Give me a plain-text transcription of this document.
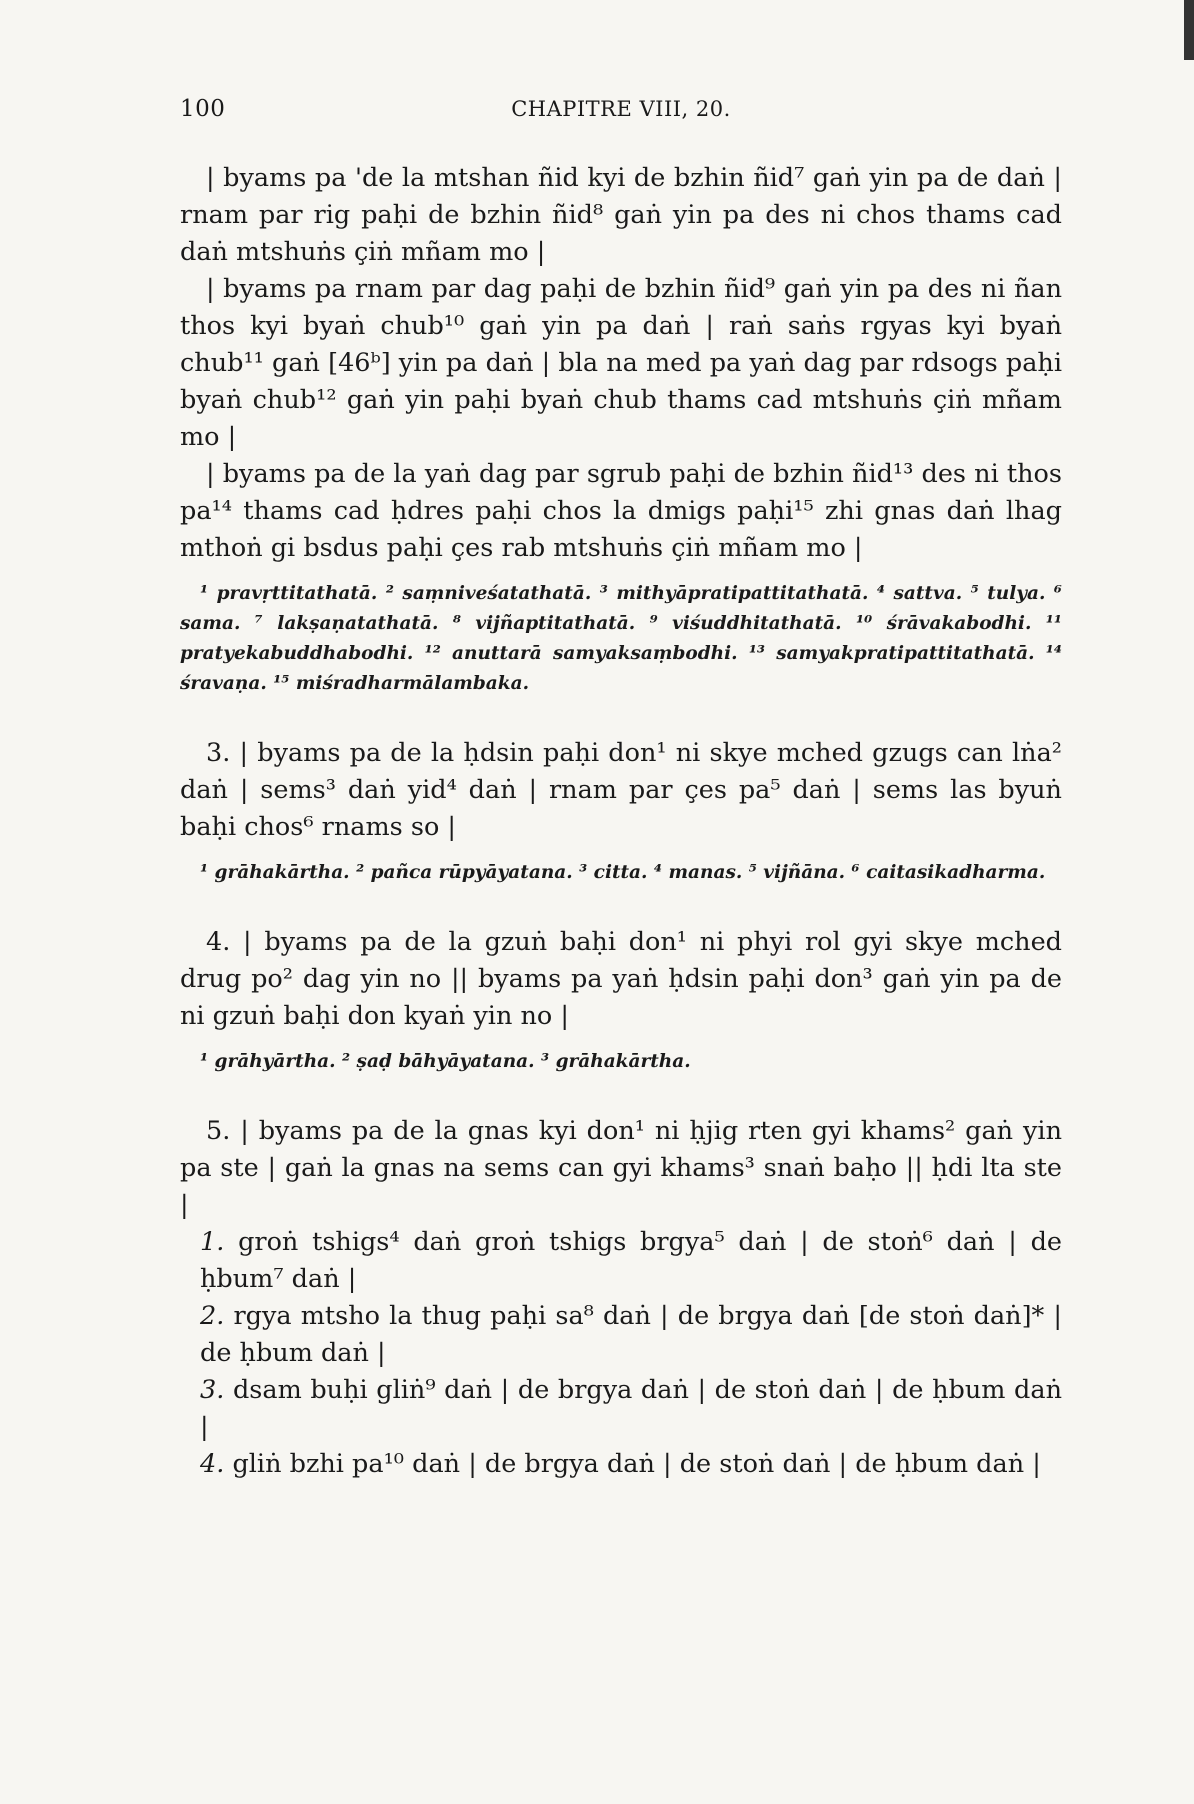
100	CHAPITRE VIII, 20.

| byams pa 'de la mtshan ñid kyi de bzhin ñid⁷ gaṅ yin pa de daṅ | rnam par rig paḥi de bzhin ñid⁸ gaṅ yin pa des ni chos thams cad daṅ mtshuṅs çiṅ mñam mo |

| byams pa rnam par dag paḥi de bzhin ñid⁹ gaṅ yin pa des ni ñan thos kyi byaṅ chub¹⁰ gaṅ yin pa daṅ | raṅ saṅs rgyas kyi byaṅ chub¹¹ gaṅ [46ᵇ] yin pa daṅ | bla na med pa yaṅ dag par rdsogs paḥi byaṅ chub¹² gaṅ yin paḥi byaṅ chub thams cad mtshuṅs çiṅ mñam mo |

| byams pa de la yaṅ dag par sgrub paḥi de bzhin ñid¹³ des ni thos pa¹⁴ thams cad ḥdres paḥi chos la dmigs paḥi¹⁵ zhi gnas daṅ lhag mthoṅ gi bsdus paḥi çes rab mtshuṅs çiṅ mñam mo |

¹ pravṛttitathatā. ² saṃniveśatathatā. ³ mithyāpratipattitathatā. ⁴ sattva. ⁵ tulya. ⁶ sama. ⁷ lakṣaṇatathatā. ⁸ vijñaptitathatā. ⁹ viśuddhitathatā. ¹⁰ śrāvakabodhi. ¹¹ pratyekabuddhabodhi. ¹² anuttarā samyaksaṃbodhi. ¹³ samyakpratipattitathatā. ¹⁴ śravaṇa. ¹⁵ miśradharmālambaka.

3. | byams pa de la ḥdsin paḥi don¹ ni skye mched gzugs can lṅa² daṅ | sems³ daṅ yid⁴ daṅ | rnam par çes pa⁵ daṅ | sems las byuṅ baḥi chos⁶ rnams so |

¹ grāhakārtha. ² pañca rūpyāyatana. ³ citta. ⁴ manas. ⁵ vijñāna. ⁶ caitasikadharma.

4. | byams pa de la gzuṅ baḥi don¹ ni phyi rol gyi skye mched drug po² dag yin no || byams pa yaṅ ḥdsin paḥi don³ gaṅ yin pa de ni gzuṅ baḥi don kyaṅ yin no |

¹ grāhyārtha. ² ṣaḍ bāhyāyatana. ³ grāhakārtha.

5. | byams pa de la gnas kyi don¹ ni ḥjig rten gyi khams² gaṅ yin pa ste | gaṅ la gnas na sems can gyi khams³ snaṅ baḥo || ḥdi lta ste |

1. groṅ tshigs⁴ daṅ groṅ tshigs brgya⁵ daṅ | de stoṅ⁶ daṅ | de ḥbum⁷ daṅ |
2. rgya mtsho la thug paḥi sa⁸ daṅ | de brgya daṅ [de stoṅ daṅ]* | de ḥbum daṅ |
3. dsam buḥi gliṅ⁹ daṅ | de brgya daṅ | de stoṅ daṅ | de ḥbum daṅ |
4. gliṅ bzhi pa¹⁰ daṅ | de brgya daṅ | de stoṅ daṅ | de ḥbum daṅ |
